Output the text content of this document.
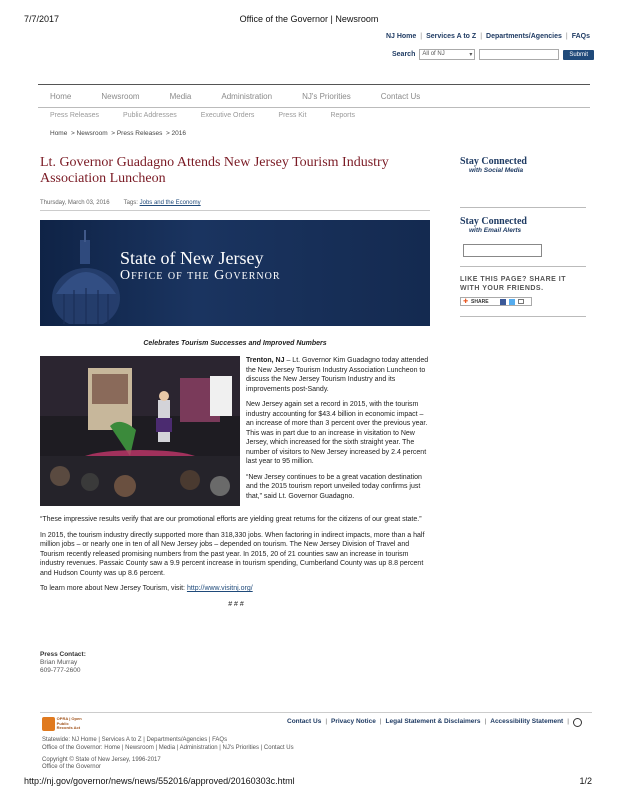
7/7/2017	Office of the Governor | Newsroom
NJ Home | Services A to Z | Departments/Agencies | FAQs
Search All of NJ	▾	Submit
Home	Newsroom	Media	Administration	NJ's Priorities	Contact Us
Press Releases	Public Addresses	Executive Orders	Press Kit	Reports
Home  > Newsroom  > Press Releases  > 2016
Lt. Governor Guadagno Attends New Jersey Tourism Industry Association Luncheon
Thursday, March 03, 2016 Tags: Jobs and the Economy
State of New Jersey
Office of the Governor
Celebrates Tourism Successes and Improved Numbers

Trenton, NJ – Lt. Governor Kim Guadagno today attended the New Jersey Tourism Industry Association Luncheon to discuss the New Jersey Tourism Industry and its improvements post-Sandy.

New Jersey again set a record in 2015, with the tourism industry accounting for $43.4 billion in economic impact – an increase of more than 3 percent over the previous year. This was in part due to an increase in visitation to New Jersey, which increased for the sixth straight year. The number of visitors to New Jersey increased by 2.4 percent last year to 95 million.

“New Jersey continues to be a great vacation destination and the 2015 tourism report unveiled today confirms just that,” said Lt. Governor Guadagno.

“These impressive results verify that are our promotional efforts are yielding great returns for the citizens of our great state.”

In 2015, the tourism industry directly supported more than 318,330 jobs. When factoring in indirect impacts, more than a half million jobs – or nearly one in ten of all New Jersey jobs – depended on tourism. The New Jersey Division of Travel and Tourism recently released promising numbers from the past year. In 2015, 20 of 21 counties saw an increase in tourism industry revenues. Passaic County saw a 9.9 percent increase in tourism spending, Cumberland County was up 8.8 percent and Hudson County was up 8.6 percent.

To learn more about New Jersey Tourism, visit: http://www.visitnj.org/

# # #

Press Contact:
Brian Murray
609-777-2600
Stay Connected
with Social Media
Stay Connected
with Email Alerts
LIKE THIS PAGE? SHARE IT WITH YOUR FRIENDS.
✚ SHARE
OPRA | Open Public Records Act
Contact Us | Privacy Notice | Legal Statement & Disclaimers | Accessibility Statement |
Statewide: NJ Home | Services A to Z | Departments/Agencies | FAQs
Office of the Governor: Home | Newsroom | Media | Administration | NJ's Priorities | Contact Us
Copyright © State of New Jersey, 1996-2017
Office of the Governor
http://nj.gov/governor/news/news/552016/approved/20160303c.html	1/2
